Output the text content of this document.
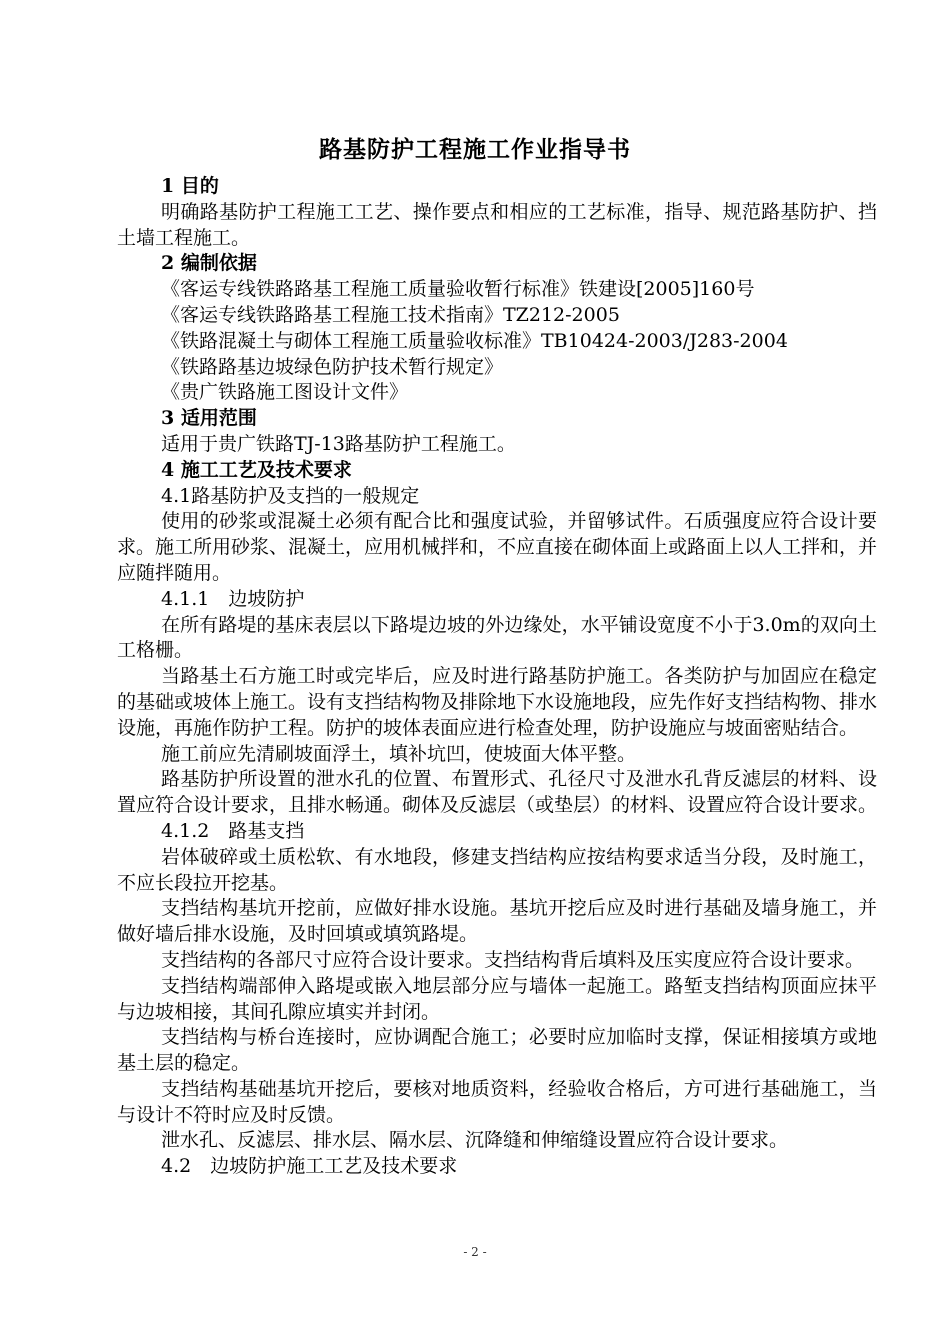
路基防护工程施工作业指导书

1 目的

明确路基防护工程施工工艺、操作要点和相应的工艺标准，指导、规范路基防护、挡土墙工程施工。

2 编制依据

《客运专线铁路路基工程施工质量验收暂行标准》铁建设[2005]160号

《客运专线铁路路基工程施工技术指南》TZ212-2005

《铁路混凝土与砌体工程施工质量验收标准》TB10424-2003/J283-2004

《铁路路基边坡绿色防护技术暂行规定》

《贵广铁路施工图设计文件》

3 适用范围

适用于贵广铁路TJ-13路基防护工程施工。

4 施工工艺及技术要求

4.1路基防护及支挡的一般规定

使用的砂浆或混凝土必须有配合比和强度试验，并留够试件。石质强度应符合设计要求。施工所用砂浆、混凝土，应用机械拌和，不应直接在砌体面上或路面上以人工拌和，并应随拌随用。

4.1.1　边坡防护

在所有路堤的基床表层以下路堤边坡的外边缘处，水平铺设宽度不小于3.0m的双向土工格栅。

当路基土石方施工时或完毕后，应及时进行路基防护施工。各类防护与加固应在稳定的基础或坡体上施工。设有支挡结构物及排除地下水设施地段，应先作好支挡结构物、排水设施，再施作防护工程。防护的坡体表面应进行检查处理，防护设施应与坡面密贴结合。

施工前应先清刷坡面浮土，填补坑凹，使坡面大体平整。

路基防护所设置的泄水孔的位置、布置形式、孔径尺寸及泄水孔背反滤层的材料、设置应符合设计要求，且排水畅通。砌体及反滤层（或垫层）的材料、设置应符合设计要求。

4.1.2　路基支挡

岩体破碎或土质松软、有水地段，修建支挡结构应按结构要求适当分段，及时施工，不应长段拉开挖基。

支挡结构基坑开挖前，应做好排水设施。基坑开挖后应及时进行基础及墙身施工，并做好墙后排水设施，及时回填或填筑路堤。

支挡结构的各部尺寸应符合设计要求。支挡结构背后填料及压实度应符合设计要求。

支挡结构端部伸入路堤或嵌入地层部分应与墙体一起施工。路堑支挡结构顶面应抹平与边坡相接，其间孔隙应填实并封闭。

支挡结构与桥台连接时，应协调配合施工；必要时应加临时支撑，保证相接填方或地基土层的稳定。

支挡结构基础基坑开挖后，要核对地质资料，经验收合格后，方可进行基础施工，当与设计不符时应及时反馈。

泄水孔、反滤层、排水层、隔水层、沉降缝和伸缩缝设置应符合设计要求。

4.2　边坡防护施工工艺及技术要求

- 2 -
